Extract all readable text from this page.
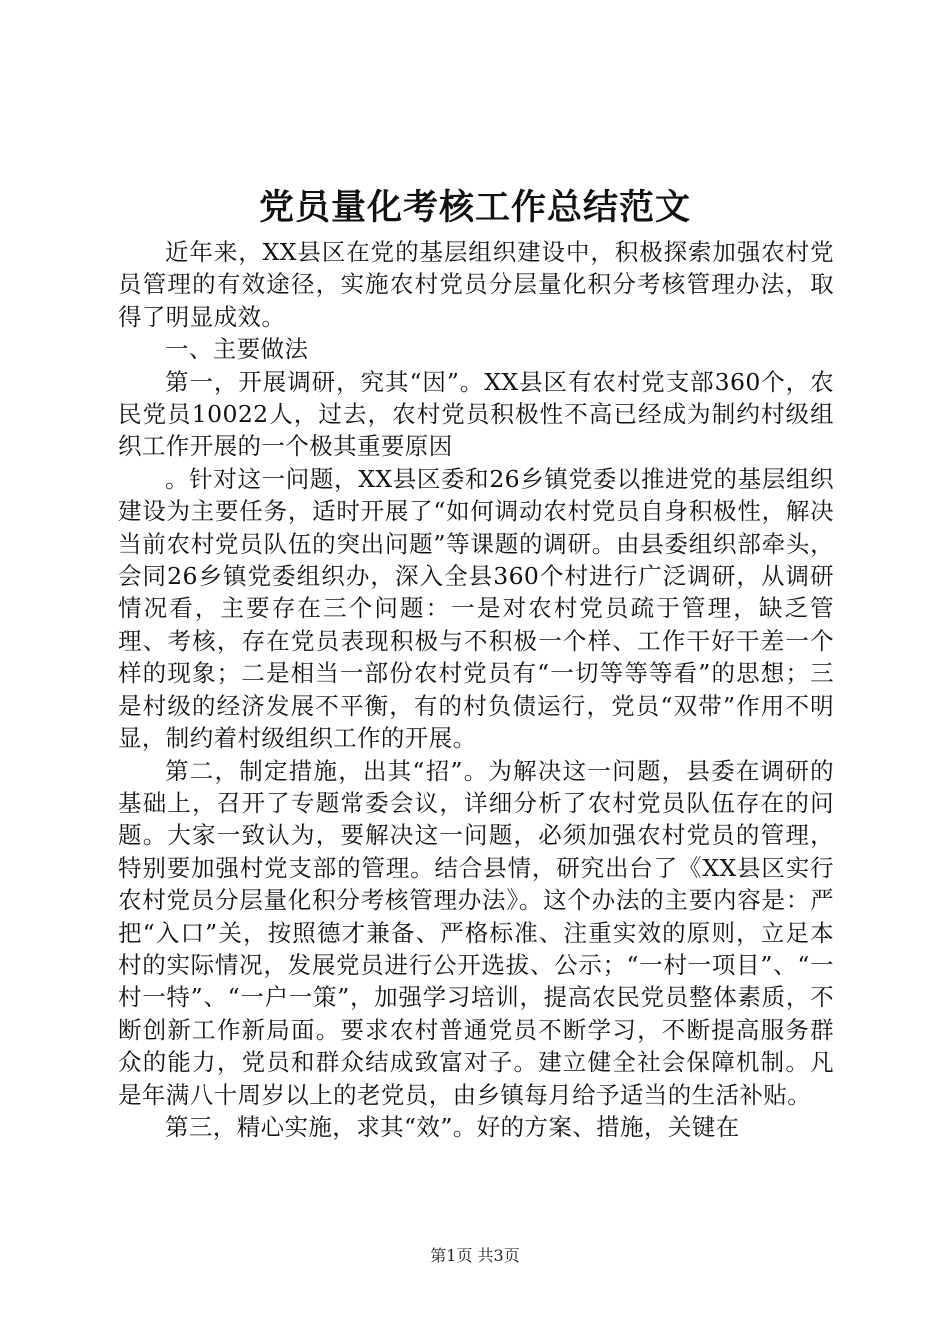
党员量化考核工作总结范文

近年来，XX县区在党的基层组织建设中，积极探索加强农村党员管理的有效途径，实施农村党员分层量化积分考核管理办法，取得了明显成效。

一、主要做法

第一，开展调研，究其“因”。XX县区有农村党支部360个，农民党员10022人，过去，农村党员积极性不高已经成为制约村级组织工作开展的一个极其重要原因

。针对这一问题，XX县区委和26乡镇党委以推进党的基层组织建设为主要任务，适时开展了“如何调动农村党员自身积极性，解决当前农村党员队伍的突出问题”等课题的调研。由县委组织部牵头，会同26乡镇党委组织办，深入全县360个村进行广泛调研，从调研情况看，主要存在三个问题：一是对农村党员疏于管理，缺乏管理、考核，存在党员表现积极与不积极一个样、工作干好干差一个样的现象；二是相当一部份农村党员有“一切等等等看”的思想；三是村级的经济发展不平衡，有的村负债运行，党员“双带”作用不明显，制约着村级组织工作的开展。

第二，制定措施，出其“招”。为解决这一问题，县委在调研的基础上，召开了专题常委会议，详细分析了农村党员队伍存在的问题。大家一致认为，要解决这一问题，必须加强农村党员的管理，特别要加强村党支部的管理。结合县情，研究出台了《XX县区实行农村党员分层量化积分考核管理办法》。这个办法的主要内容是：严把“入口”关，按照德才兼备、严格标准、注重实效的原则，立足本村的实际情况，发展党员进行公开选拔、公示；“一村一项目”、“一村一特”、“一户一策”，加强学习培训，提高农民党员整体素质，不断创新工作新局面。要求农村普通党员不断学习，不断提高服务群众的能力，党员和群众结成致富对子。建立健全社会保障机制。凡是年满八十周岁以上的老党员，由乡镇每月给予适当的生活补贴。

第三，精心实施，求其“效”。好的方案、措施，关键在

第1页 共3页
